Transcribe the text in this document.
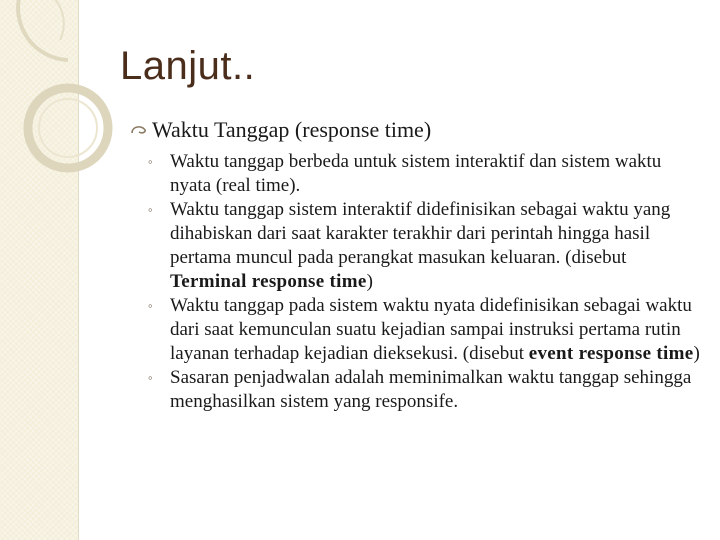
Lanjut..
Waktu Tanggap (response time)
◦ Waktu tanggap berbeda untuk sistem interaktif dan sistem waktu nyata (real time).
◦ Waktu tanggap sistem interaktif didefinisikan sebagai waktu yang dihabiskan dari saat karakter terakhir dari perintah hingga hasil pertama muncul pada perangkat masukan keluaran. (disebut Terminal response time)
◦ Waktu tanggap pada sistem waktu nyata didefinisikan sebagai waktu dari saat kemunculan suatu kejadian sampai instruksi pertama rutin layanan terhadap kejadian dieksekusi. (disebut event response time)
◦ Sasaran penjadwalan adalah meminimalkan waktu tanggap sehingga menghasilkan sistem yang responsife.
